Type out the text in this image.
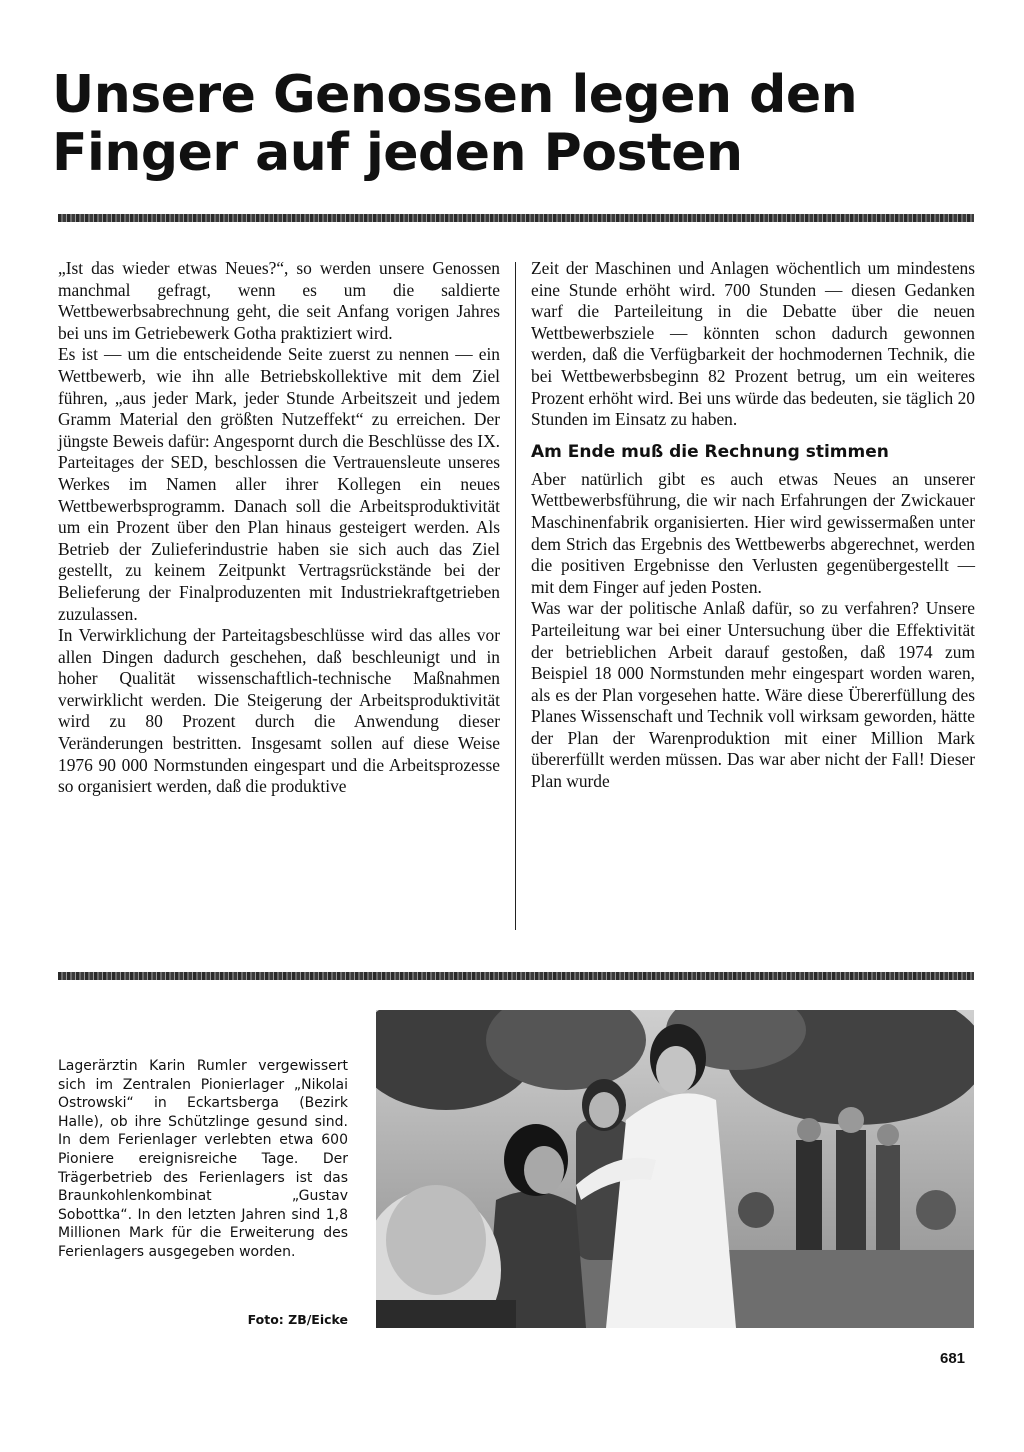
Unsere Genossen legen den Finger auf jeden Posten

„Ist das wieder etwas Neues?“, so werden unsere Genossen manchmal gefragt, wenn es um die saldierte Wettbewerbsabrechnung geht, die seit Anfang vorigen Jahres bei uns im Getriebewerk Gotha praktiziert wird.

Es ist — um die entscheidende Seite zuerst zu nennen — ein Wettbewerb, wie ihn alle Betriebskollektive mit dem Ziel führen, „aus jeder Mark, jeder Stunde Arbeitszeit und jedem Gramm Material den größten Nutzeffekt“ zu erreichen. Der jüngste Beweis dafür: Angespornt durch die Beschlüsse des IX. Parteitages der SED, beschlossen die Vertrauensleute unseres Werkes im Namen aller ihrer Kollegen ein neues Wettbewerbsprogramm. Danach soll die Arbeitsproduktivität um ein Prozent über den Plan hinaus gesteigert werden. Als Betrieb der Zulieferindustrie haben sie sich auch das Ziel gestellt, zu keinem Zeitpunkt Vertragsrückstände bei der Belieferung der Finalproduzenten mit Industriekraftgetrieben zuzulassen.

In Verwirklichung der Parteitagsbeschlüsse wird das alles vor allen Dingen dadurch geschehen, daß beschleunigt und in hoher Qualität wissenschaftlich-technische Maßnahmen verwirklicht werden. Die Steigerung der Arbeitsproduktivität wird zu 80 Prozent durch die Anwendung dieser Veränderungen bestritten. Insgesamt sollen auf diese Weise 1976 90 000 Normstunden eingespart und die Arbeitsprozesse so organisiert werden, daß die produktive

Zeit der Maschinen und Anlagen wöchentlich um mindestens eine Stunde erhöht wird. 700 Stunden — diesen Gedanken warf die Parteileitung in die Debatte über die neuen Wettbewerbsziele — könnten schon dadurch gewonnen werden, daß die Verfügbarkeit der hochmodernen Technik, die bei Wettbewerbsbeginn 82 Prozent betrug, um ein weiteres Prozent erhöht wird. Bei uns würde das bedeuten, sie täglich 20 Stunden im Einsatz zu haben.

Am Ende muß die Rechnung stimmen

Aber natürlich gibt es auch etwas Neues an unserer Wettbewerbsführung, die wir nach Erfahrungen der Zwickauer Maschinenfabrik organisierten. Hier wird gewissermaßen unter dem Strich das Ergebnis des Wettbewerbs abgerechnet, werden die positiven Ergebnisse den Verlusten gegenübergestellt — mit dem Finger auf jeden Posten.

Was war der politische Anlaß dafür, so zu verfahren? Unsere Parteileitung war bei einer Untersuchung über die Effektivität der betrieblichen Arbeit darauf gestoßen, daß 1974 zum Beispiel 18 000 Normstunden mehr eingespart worden waren, als es der Plan vorgesehen hatte. Wäre diese Übererfüllung des Planes Wissenschaft und Technik voll wirksam geworden, hätte der Plan der Warenproduktion mit einer Million Mark übererfüllt werden müssen. Das war aber nicht der Fall! Dieser Plan wurde

Lagerärztin Karin Rumler vergewissert sich im Zentralen Pionierlager „Nikolai Ostrowski“ in Eckartsberga (Bezirk Halle), ob ihre Schützlinge gesund sind. In dem Ferienlager verlebten etwa 600 Pioniere ereignisreiche Tage. Der Trägerbetrieb des Ferienlagers ist das Braunkohlenkombinat „Gustav Sobottka“. In den letzten Jahren sind 1,8 Millionen Mark für die Erweiterung des Ferienlagers ausgegeben worden.
Foto: ZB/Eicke
681
